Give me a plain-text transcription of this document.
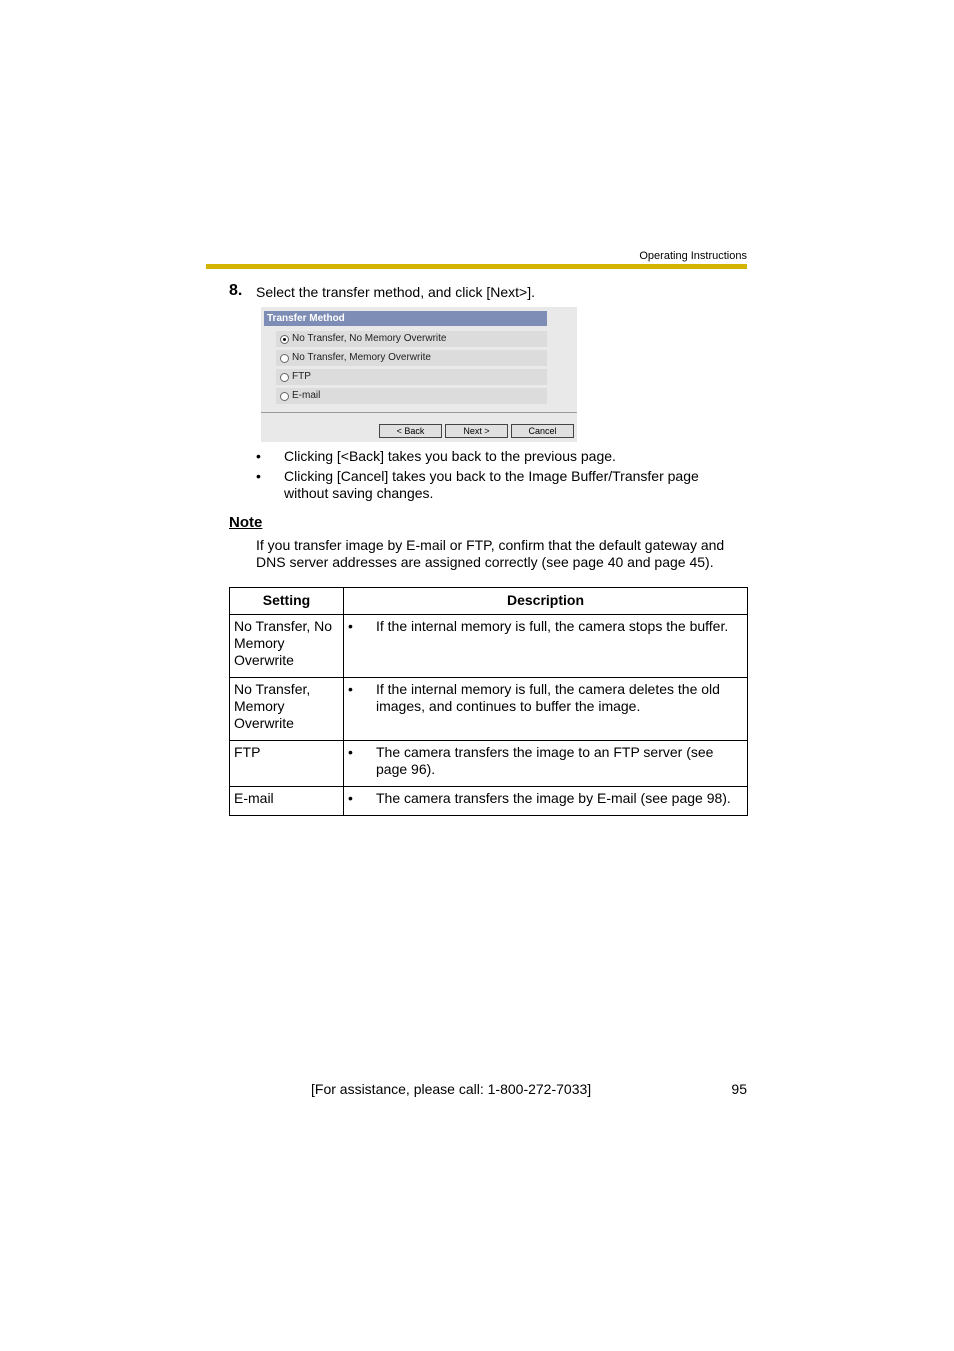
Operating Instructions
8. Select the transfer method, and click [Next>].
Transfer Method
No Transfer, No Memory Overwrite
No Transfer, Memory Overwrite
FTP
E-mail
< Back	Next >	Cancel
• Clicking [<Back] takes you back to the previous page.
• Clicking [Cancel] takes you back to the Image Buffer/Transfer page without saving changes.
Note
If you transfer image by E-mail or FTP, confirm that the default gateway and DNS server addresses are assigned correctly (see page 40 and page 45).
Setting	Description
No Transfer, No Memory Overwrite	• If the internal memory is full, the camera stops the buffer.

No Transfer, Memory Overwrite	• If the internal memory is full, the camera deletes the old images, and continues to buffer the image.

FTP	• The camera transfers the image to an FTP server (see page 96).

E-mail	• The camera transfers the image by E-mail (see page 98).
[For assistance, please call: 1-800-272-7033]	95
